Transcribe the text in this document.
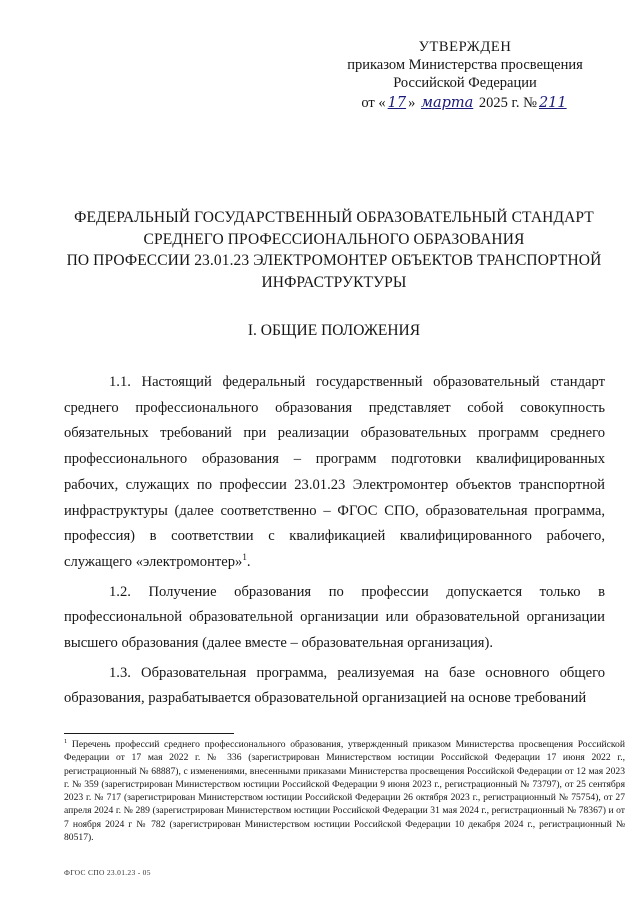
УТВЕРЖДЕН
приказом Министерства просвещения
Российской Федерации
от « 17 » марта 2025 г. № 211
ФЕДЕРАЛЬНЫЙ ГОСУДАРСТВЕННЫЙ ОБРАЗОВАТЕЛЬНЫЙ СТАНДАРТ
СРЕДНЕГО ПРОФЕССИОНАЛЬНОГО ОБРАЗОВАНИЯ
ПО ПРОФЕССИИ 23.01.23 ЭЛЕКТРОМОНТЕР ОБЪЕКТОВ ТРАНСПОРТНОЙ
ИНФРАСТРУКТУРЫ
I. ОБЩИЕ ПОЛОЖЕНИЯ

1.1. Настоящий федеральный государственный образовательный стандарт среднего профессионального образования представляет собой совокупность обязательных требований при реализации образовательных программ среднего профессионального образования – программ подготовки квалифицированных рабочих, служащих по профессии 23.01.23 Электромонтер объектов транспортной инфраструктуры (далее соответственно – ФГОС СПО, образовательная программа, профессия) в соответствии с квалификацией квалифицированного рабочего, служащего «электромонтер»$^1$.

1.2. Получение образования по профессии допускается только в профессиональной образовательной организации или образовательной организации высшего образования (далее вместе – образовательная организация).

1.3. Образовательная программа, реализуемая на базе основного общего образования, разрабатывается образовательной организацией на основе требований

$^1$ Перечень профессий среднего профессионального образования, утвержденный приказом Министерства просвещения Российской Федерации от 17 мая 2022 г. № 336 (зарегистрирован Министерством юстиции Российской Федерации 17 июня 2022 г., регистрационный № 68887), с изменениями, внесенными приказами Министерства просвещения Российской Федерации от 12 мая 2023 г. № 359 (зарегистрирован Министерством юстиции Российской Федерации 9 июня 2023 г., регистрационный № 73797), от 25 сентября 2023 г. № 717 (зарегистрирован Министерством юстиции Российской Федерации 26 октября 2023 г., регистрационный № 75754), от 27 апреля 2024 г. № 289 (зарегистрирован Министерством юстиции Российской Федерации 31 мая 2024 г., регистрационный № 78367) и от 7 ноября 2024 г № 782 (зарегистрирован Министерством юстиции Российской Федерации 10 декабря 2024 г., регистрационный № 80517).
ФГОС СПО 23.01.23 - 05
